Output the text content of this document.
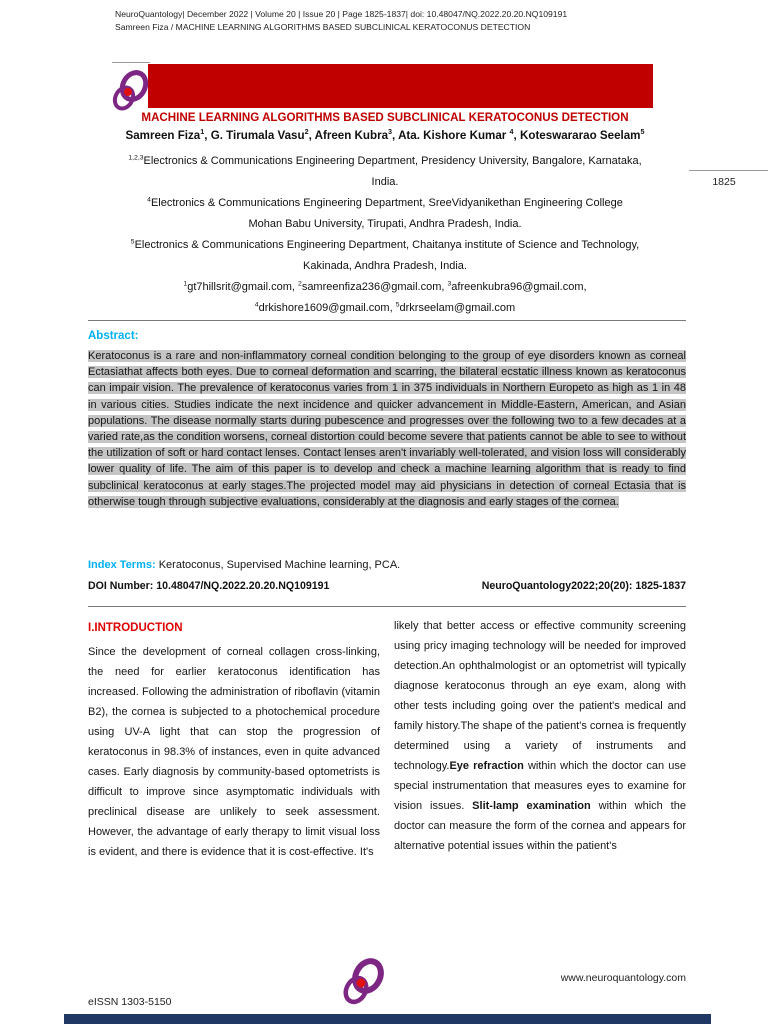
NeuroQuantology| December 2022 | Volume 20 | Issue 20 | Page 1825-1837| doi: 10.48047/NQ.2022.20.20.NQ109191
Samreen Fiza / MACHINE LEARNING ALGORITHMS BASED SUBCLINICAL KERATOCONUS DETECTION
MACHINE LEARNING ALGORITHMS BASED SUBCLINICAL KERATOCONUS DETECTION
Samreen Fiza$^1$, G. Tirumala Vasu$^2$, Afreen Kubra$^3$, Ata. Kishore Kumar $^4$, Koteswararao Seelam$^5$
$^{1,2,3}$Electronics & Communications Engineering Department, Presidency University, Bangalore, Karnataka,
India.
$^4$Electronics & Communications Engineering Department, SreeVidyanikethan Engineering College
Mohan Babu University, Tirupati, Andhra Pradesh, India.
$^5$Electronics & Communications Engineering Department, Chaitanya institute of Science and Technology,
Kakinada, Andhra Pradesh, India.
$^1$gt7hillsrit@gmail.com, $^2$samreenfiza236@gmail.com, $^3$afreenkubra96@gmail.com,
$^4$drkishore1609@gmail.com, $^5$drkrseelam@gmail.com
1825
Abstract:
Keratoconus is a rare and non-inflammatory corneal condition belonging to the group of eye disorders known as corneal Ectasiathat affects both eyes. Due to corneal deformation and scarring, the bilateral ecstatic illness known as keratoconus can impair vision. The prevalence of keratoconus varies from 1 in 375 individuals in Northern Europeto as high as 1 in 48 in various cities. Studies indicate the next incidence and quicker advancement in Middle-Eastern, American, and Asian populations. The disease normally starts during pubescence and progresses over the following two to a few decades at a varied rate,as the condition worsens, corneal distortion could become severe that patients cannot be able to see to without the utilization of soft or hard contact lenses. Contact lenses aren't invariably well-tolerated, and vision loss will considerably lower quality of life. The aim of this paper is to develop and check a machine learning algorithm that is ready to find subclinical keratoconus at early stages.The projected model may aid physicians in detection of corneal Ectasia that is otherwise tough through subjective evaluations, considerably at the diagnosis and early stages of the cornea.
Index Terms: Keratoconus, Supervised Machine learning, PCA.
DOI Number: 10.48047/NQ.2022.20.20.NQ109191	NeuroQuantology2022;20(20): 1825-1837
I.INTRODUCTION
Since the development of corneal collagen cross-linking, the need for earlier keratoconus identification has increased. Following the administration of riboflavin (vitamin B2), the cornea is subjected to a photochemical procedure using UV-A light that can stop the progression of keratoconus in 98.3% of instances, even in quite advanced cases. Early diagnosis by community-based optometrists is difficult to improve since asymptomatic individuals with preclinical disease are unlikely to seek assessment. However, the advantage of early therapy to limit visual loss is evident, and there is evidence that it is cost-effective. It's
likely that better access or effective community screening using pricy imaging technology will be needed for improved detection.An ophthalmologist or an optometrist will typically diagnose keratoconus through an eye exam, along with other tests including going over the patient's medical and family history.The shape of the patient's cornea is frequently determined using a variety of instruments and technology.Eye refraction within which the doctor can use special instrumentation that measures eyes to examine for vision issues. Slit-lamp examination within which the doctor can measure the form of the cornea and appears for alternative potential issues within the patient's
eISSN 1303-5150
www.neuroquantology.com
